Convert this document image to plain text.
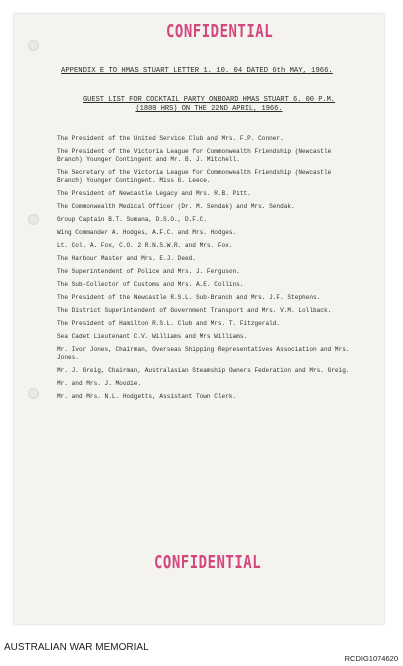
CONFIDENTIAL
APPENDIX E TO HMAS STUART LETTER 1. 10. 04 DATED 6th MAY, 1966.
GUEST LIST FOR COCKTAIL PARTY ONBOARD HMAS STUART 6. 00 P.M.
(1800 HRS) ON THE 22ND APRIL, 1966.
The President of the United Service Club and Mrs. F.P. Conner.
The President of the Victoria League for Commonwealth Friendship (Newcastle Branch) Younger Contingent and Mr. B. J. Mitchell.
The Secretary of the Victoria League for Commonwealth Friendship (Newcastle Branch) Younger Contingent. Miss G. Leece.
The President of Newcastle Legacy and Mrs. R.B. Pitt.
The Commonwealth Medical Officer (Dr. M. Sendak) and Mrs. Sendak.
Group Captain B.T. Sumana, D.S.O., D.F.C.
Wing Commander A. Hodges, A.F.C. and Mrs. Hodges.
Lt. Col. A. Fox, C.O. 2 R.N.S.W.R. and Mrs. Fox.
The Harbour Master and Mrs. E.J. Deed.
The Superintendent of Police and Mrs. J. Ferguson.
The Sub-Collector of Customs and Mrs. A.E. Collins.
The President of the Newcastle R.S.L. Sub-Branch and Mrs. J.F. Stephens.
The District Superintendent of Government Transport and Mrs. V.M. Lollback.
The President of Hamilton R.S.L. Club and Mrs. T. Fitzgerald.
Sea Cadet Lieutenant C.V. Williams and Mrs Williams.
Mr. Ivor Jones, Chairman, Overseas Shipping Representatives Association and Mrs. Jones.
Mr. J. Greig, Chairman, Australasian Steamship Owners Federation and Mrs. Greig.
Mr. and Mrs. J. Moodie.
Mr. and Mrs. N.L. Hodgetts, Assistant Town Clerk.
CONFIDENTIAL
AUSTRALIAN WAR MEMORIAL
RCDIG1074620
